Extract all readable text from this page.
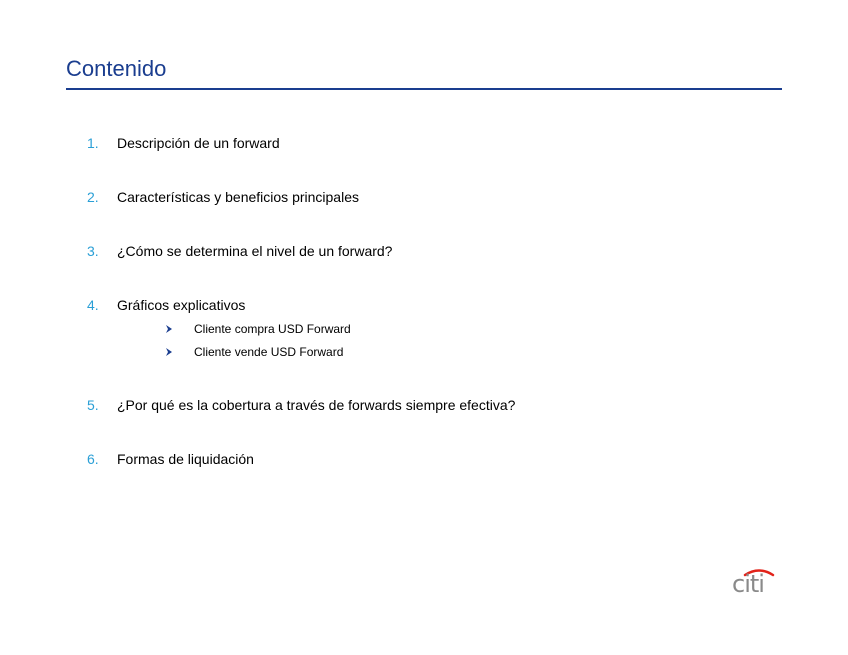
Contenido
1. Descripción de un forward
2. Características y beneficios principales
3. ¿Cómo se determina el nivel de un forward?
4. Gráficos explicativos
Cliente compra USD Forward
Cliente vende USD Forward
5. ¿Por qué es la cobertura a través de forwards siempre efectiva?
6. Formas de liquidación
citi
